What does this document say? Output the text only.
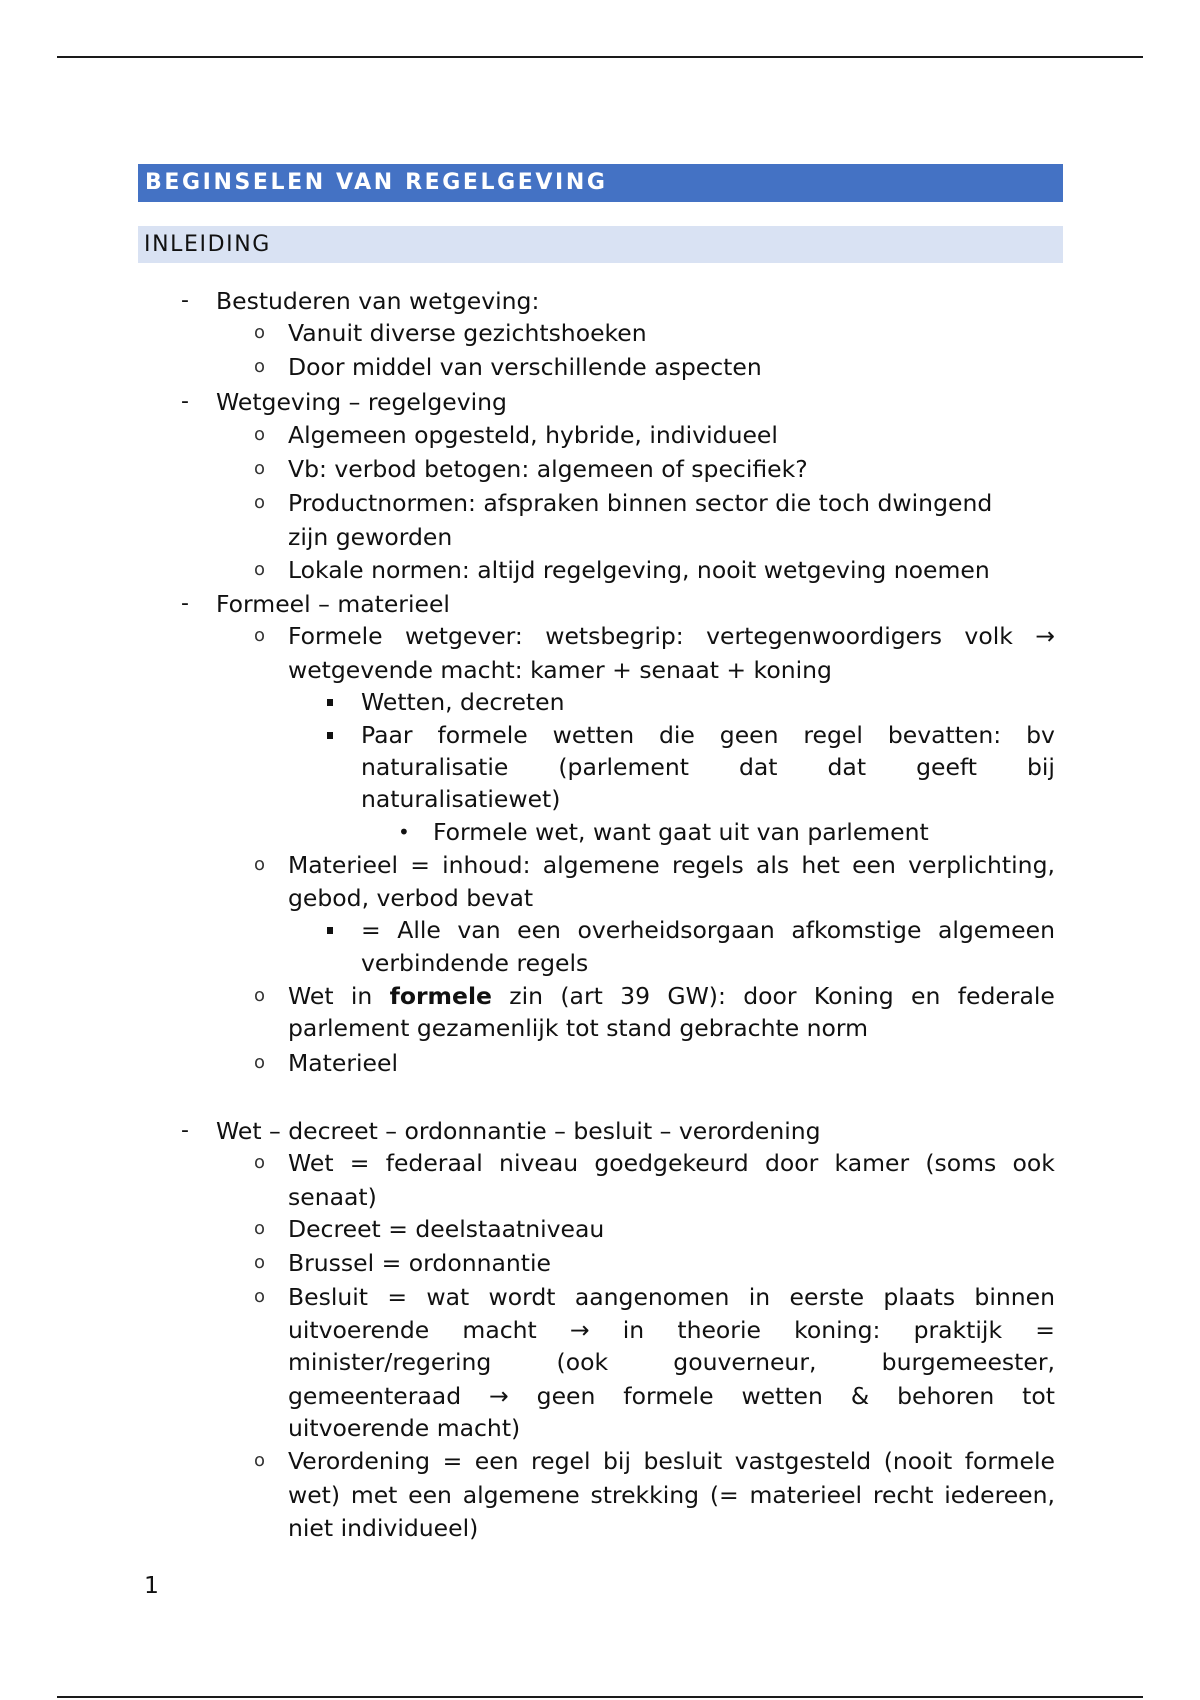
BEGINSELEN VAN REGELGEVING
INLEIDING
- Bestuderen van wetgeving:
o Vanuit diverse gezichtshoeken
o Door middel van verschillende aspecten
- Wetgeving – regelgeving
o Algemeen opgesteld, hybride, individueel
o Vb: verbod betogen: algemeen of specifiek?
o Productnormen: afspraken binnen sector die toch dwingend
zijn geworden
o Lokale normen: altijd regelgeving, nooit wetgeving noemen
- Formeel – materieel
o Formele wetgever: wetsbegrip: vertegenwoordigers volk →
wetgevende macht: kamer + senaat + koning
Wetten, decreten
Paar formele wetten die geen regel bevatten: bv
naturalisatie (parlement dat dat geeft bij
naturalisatiewet)
• Formele wet, want gaat uit van parlement
o Materieel = inhoud: algemene regels als het een verplichting,
gebod, verbod bevat
= Alle van een overheidsorgaan afkomstige algemeen
verbindende regels
parlement gezamenlijk tot stand gebrachte norm
o Materieel
- Wet – decreet – ordonnantie – besluit – verordening
o Wet = federaal niveau goedgekeurd door kamer (soms ook
senaat)
o Decreet = deelstaatniveau
o Brussel = ordonnantie
o Besluit = wat wordt aangenomen in eerste plaats binnen
uitvoerende macht → in theorie koning: praktijk =
minister/regering	(ook	gouverneur,	burgemeester,
gemeenteraad → geen formele wetten & behoren tot
uitvoerende macht)
o Verordening = een regel bij besluit vastgesteld (nooit formele
wet) met een algemene strekking (= materieel recht iedereen,
niet individueel)
o Wet in formele zin (art 39 GW): door Koning en federale
1
